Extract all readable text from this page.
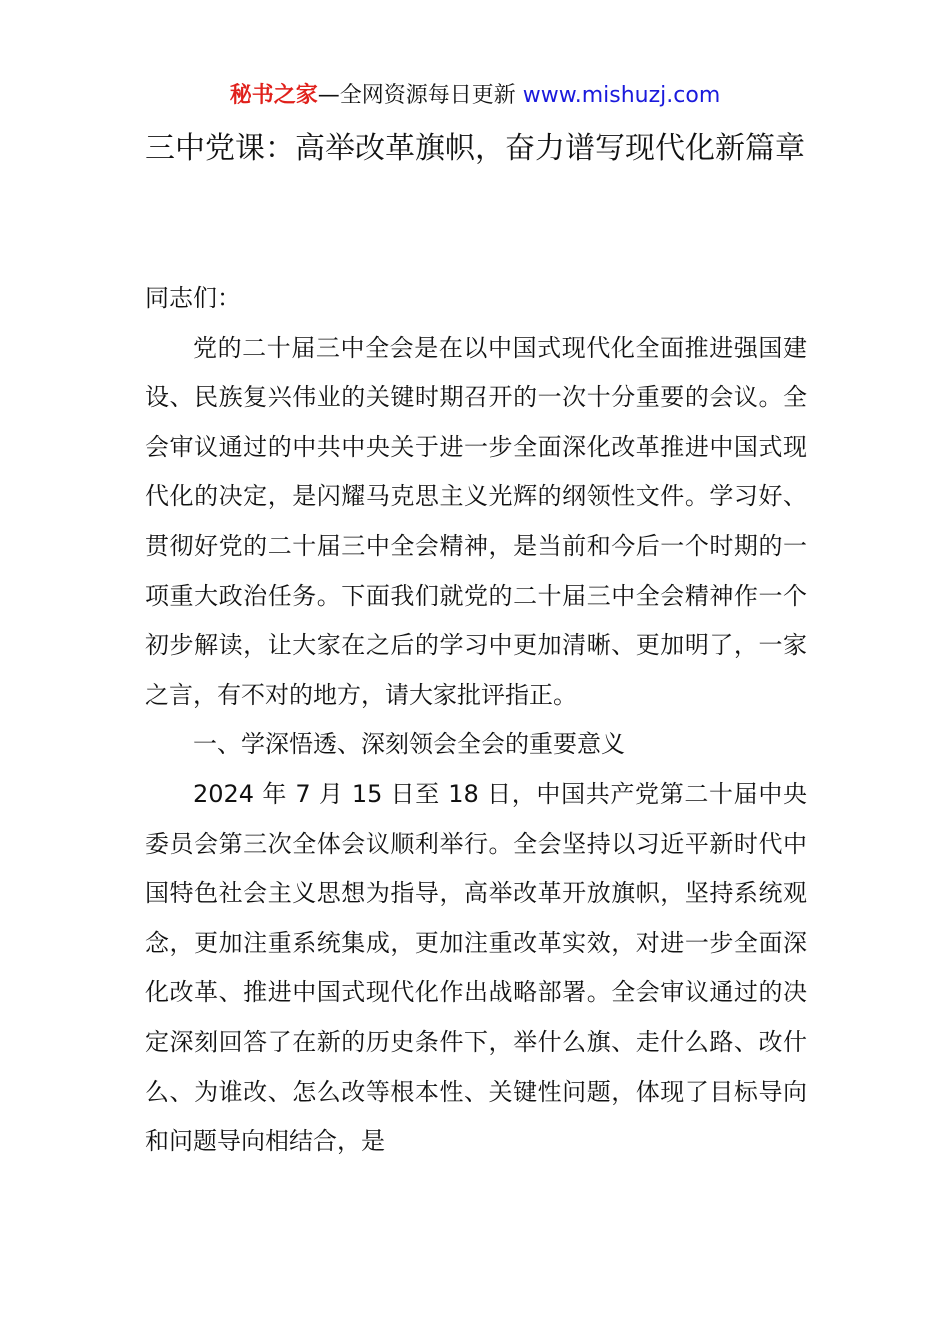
秘书之家—全网资源每日更新 www.mishuzj.com
三中党课：高举改革旗帜，奋力谱写现代化新篇章

同志们：

党的二十届三中全会是在以中国式现代化全面推进强国建设、民族复兴伟业的关键时期召开的一次十分重要的会议。全会审议通过的中共中央关于进一步全面深化改革推进中国式现代化的决定，是闪耀马克思主义光辉的纲领性文件。学习好、贯彻好党的二十届三中全会精神，是当前和今后一个时期的一项重大政治任务。下面我们就党的二十届三中全会精神作一个初步解读，让大家在之后的学习中更加清晰、更加明了，一家之言，有不对的地方，请大家批评指正。

一、学深悟透、深刻领会全会的重要意义

2024 年 7 月 15 日至 18 日，中国共产党第二十届中央委员会第三次全体会议顺利举行。全会坚持以习近平新时代中国特色社会主义思想为指导，高举改革开放旗帜，坚持系统观念，更加注重系统集成，更加注重改革实效，对进一步全面深化改革、推进中国式现代化作出战略部署。全会审议通过的决定深刻回答了在新的历史条件下，举什么旗、走什么路、改什么、为谁改、怎么改等根本性、关键性问题，体现了目标导向和问题导向相结合，是
